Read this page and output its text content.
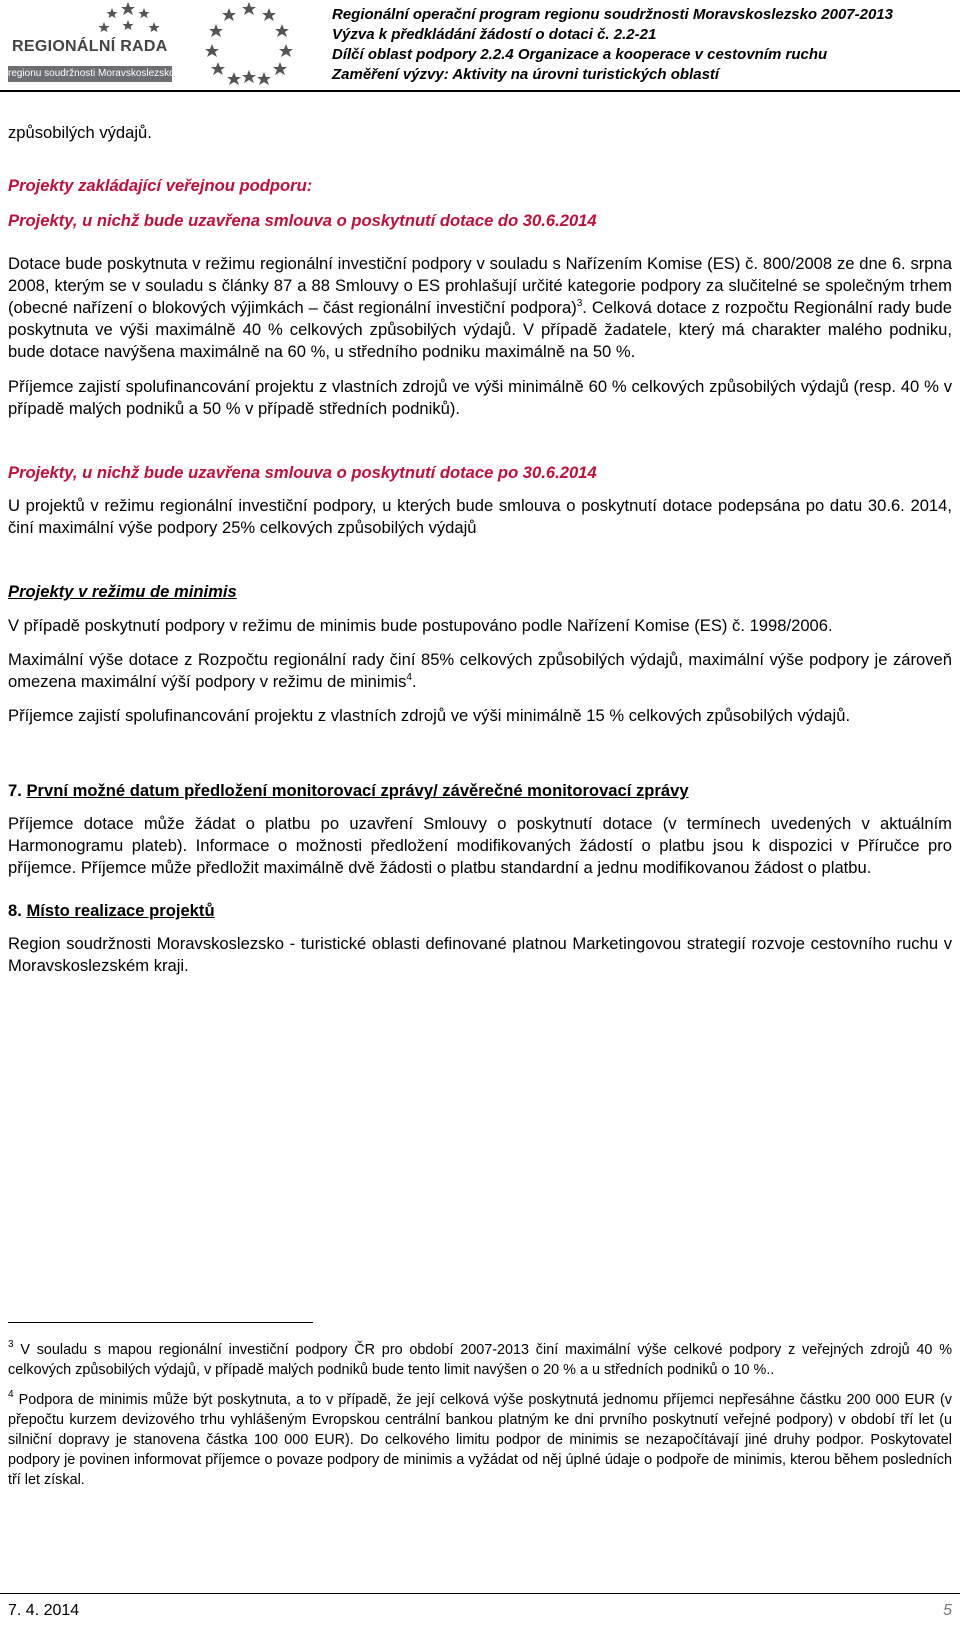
REGIONÁLNÍ RADA
regionu soudržnosti Moravskoslezsko
Regionální operační program regionu soudržnosti Moravskoslezsko 2007-2013
Výzva k předkládání žádostí o dotaci č. 2.2-21
Dílčí oblast podpory 2.2.4 Organizace a kooperace v cestovním ruchu
Zaměření výzvy: Aktivity na úrovni turistických oblastí

způsobilých výdajů.

Projekty zakládající veřejnou podporu:

Projekty, u nichž bude uzavřena smlouva o poskytnutí dotace do 30.6.2014

Dotace bude poskytnuta v režimu regionální investiční podpory v souladu s Nařízením Komise (ES) č. 800/2008 ze dne 6. srpna 2008, kterým se v souladu s články 87 a 88 Smlouvy o ES prohlašují určité kategorie podpory za slučitelné se společným trhem (obecné nařízení o blokových výjimkách – část regionální investiční podpora)$^3$. Celková dotace z rozpočtu Regionální rady bude poskytnuta ve výši maximálně 40 % celkových způsobilých výdajů. V případě žadatele, který má charakter malého podniku, bude dotace navýšena maximálně na 60 %, u středního podniku maximálně na 50 %.

Příjemce zajistí spolufinancování projektu z vlastních zdrojů ve výši minimálně 60 % celkových způsobilých výdajů (resp. 40 % v případě malých podniků a 50 % v případě středních podniků).

Projekty, u nichž bude uzavřena smlouva o poskytnutí dotace po 30.6.2014

U projektů v režimu regionální investiční podpory, u kterých bude smlouva o poskytnutí dotace podepsána po datu 30.6. 2014, činí maximální výše podpory 25% celkových způsobilých výdajů

Projekty v režimu de minimis

V případě poskytnutí podpory v režimu de minimis bude postupováno podle Nařízení Komise (ES) č. 1998/2006.

Maximální výše dotace z Rozpočtu regionální rady činí 85% celkových způsobilých výdajů, maximální výše podpory je zároveň omezena maximální výší podpory v režimu de minimis$^4$.

Příjemce zajistí spolufinancování projektu z vlastních zdrojů ve výši minimálně 15 % celkových způsobilých výdajů.

7. První možné datum předložení monitorovací zprávy/ závěrečné monitorovací zprávy

Příjemce dotace může žádat o platbu po uzavření Smlouvy o poskytnutí dotace (v termínech uvedených v aktuálním Harmonogramu plateb). Informace o možnosti předložení modifikovaných žádostí o platbu jsou k dispozici v Příručce pro příjemce. Příjemce může předložit maximálně dvě žádosti o platbu standardní a jednu modifikovanou žádost o platbu.

8. Místo realizace projektů

Region soudržnosti Moravskoslezsko - turistické oblasti definované platnou Marketingovou strategií rozvoje cestovního ruchu v Moravskoslezském kraji.

$^3$ V souladu s mapou regionální investiční podpory ČR pro období 2007-2013 činí maximální výše celkové podpory z veřejných zdrojů 40 % celkových způsobilých výdajů, v případě malých podniků bude tento limit navýšen o 20 % a u středních podniků o 10 %..

$^4$ Podpora de minimis může být poskytnuta, a to v případě, že její celková výše poskytnutá jednomu příjemci nepřesáhne částku 200 000 EUR (v přepočtu kurzem devizového trhu vyhlášeným Evropskou centrální bankou platným ke dni prvního poskytnutí veřejné podpory) v období tří let (u silniční dopravy je stanovena částka 100 000 EUR). Do celkového limitu podpor de minimis se nezapočítávají jiné druhy podpor. Poskytovatel podpory je povinen informovat příjemce o povaze podpory de minimis a vyžádat od něj úplné údaje o podpoře de minimis, kterou během posledních tří let získal.

7. 4. 2014	5
